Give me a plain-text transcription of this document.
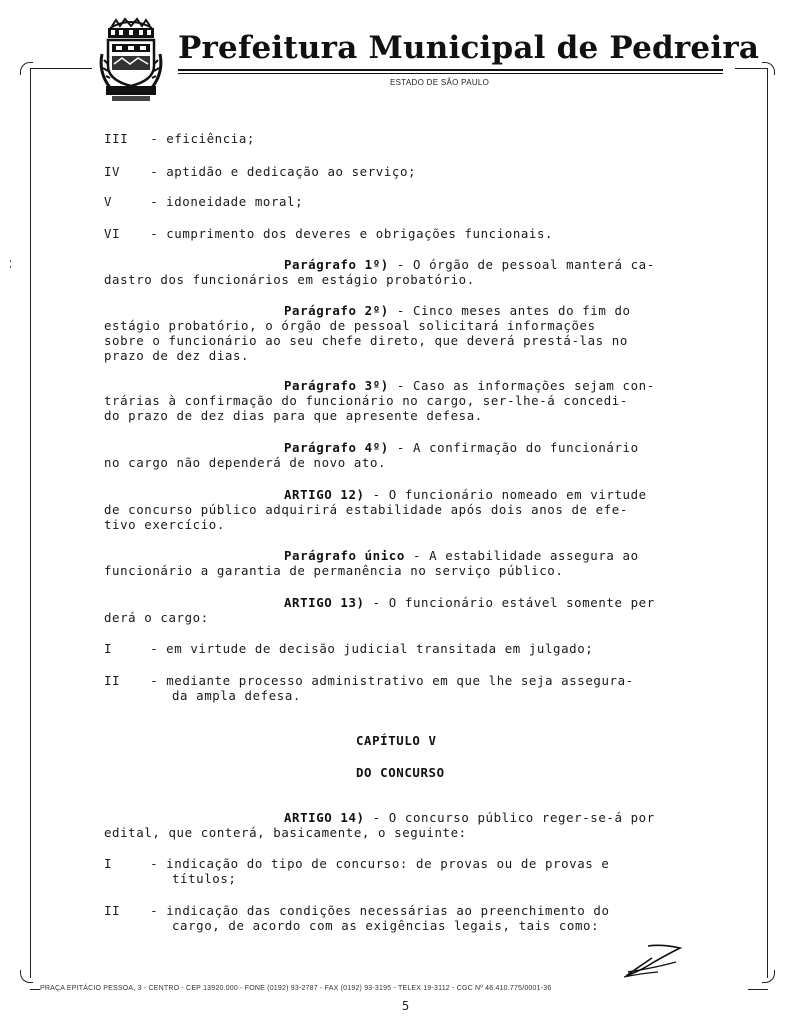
Prefeitura Municipal de Pedreira
ESTADO DE SÃO PAULO
III - eficiência;
IV - aptidão e dedicação ao serviço;
V	- idoneidade moral;
VI - cumprimento dos deveres e obrigações funcionais.
Parágrafo 1º) - O órgão de pessoal manterá ca-
dastro dos funcionários em estágio probatório.
Parágrafo 2º) - Cinco meses antes do fim do
estágio probatório, o órgão de pessoal solicitará informações
sobre o funcionário ao seu chefe direto, que deverá prestá-las no
prazo de dez dias.
Parágrafo 3º) - Caso as informações sejam con-
trárias à confirmação do funcionário no cargo, ser-lhe-á concedi-
do prazo de dez dias para que apresente defesa.
Parágrafo 4º) - A confirmação do funcionário
no cargo não dependerá de novo ato.
ARTIGO 12) - O funcionário nomeado em virtude
de concurso público adquirirá estabilidade após dois anos de efe-
tivo exercício.
Parágrafo único - A estabilidade assegura ao
funcionário a garantia de permanência no serviço público.
ARTIGO 13) - O funcionário estável somente per
derá o cargo:
I	- em virtude de decisão judicial transitada em julgado;
II - mediante processo administrativo em que lhe seja assegura-
da ampla defesa.
CAPÍTULO V
DO CONCURSO
ARTIGO 14) - O concurso público reger-se-á por
edital, que conterá, basicamente, o seguinte:
I	- indicação do tipo de concurso: de provas ou de provas e
títulos;
II - indicação das condições necessárias ao preenchimento do
cargo, de acordo com as exigências legais, tais como:
PRAÇA EPITÁCIO PESSOA, 3 - CENTRO - CEP 13920.000 - FONE (0192) 93-2787 - FAX (0192) 93-3195 - TELEX 19-3112 - CGC Nº 46.410.775/0001-36
5
